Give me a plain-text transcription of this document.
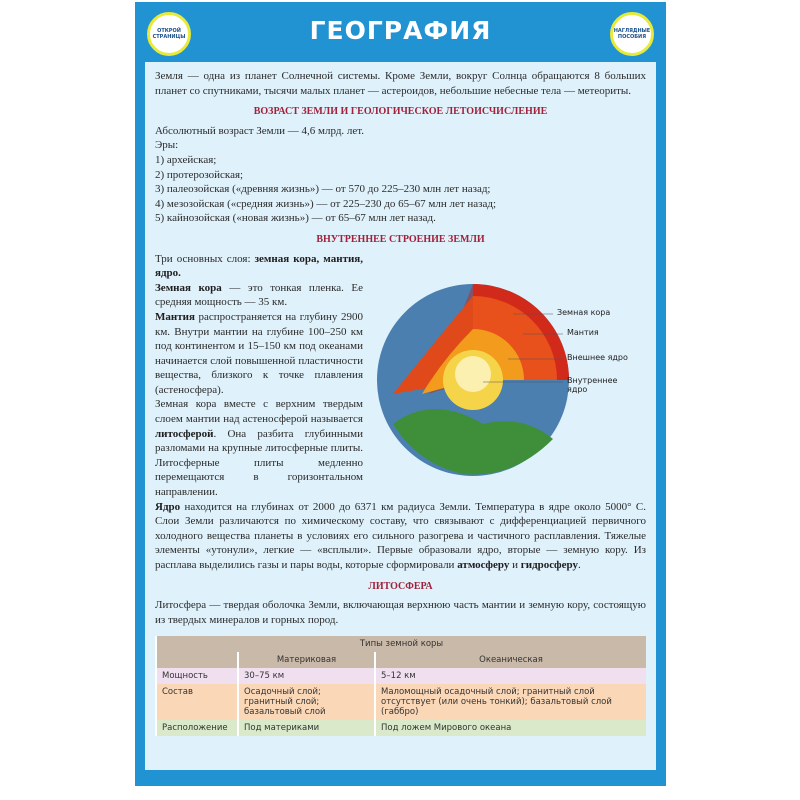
ОТКРОЙ СТРАНИЦЫ	ГЕОГРАФИЯ	НАГЛЯДНЫЕ ПОСОБИЯ

Земля — одна из планет Солнечной системы. Кроме Земли, вокруг Солнца обращаются 8 больших планет со спутниками, тысячи малых планет — астероидов, небольшие небесные тела — метеориты.

ВОЗРАСТ ЗЕМЛИ И ГЕОЛОГИЧЕСКОЕ ЛЕТОИСЧИСЛЕНИЕ
Абсолютный возраст Земли — 4,6 млрд. лет.
Эры:
1) архейская;
2) протерозойская;
3) палеозойская («древняя жизнь») — от 570 до 225–230 млн лет назад;
4) мезозойская («средняя жизнь») — от 225–230 до 65–67 млн лет назад;
5) кайнозойская («новая жизнь») — от 65–67 млн лет назад.
ВНУТРЕННЕЕ СТРОЕНИЕ ЗЕМЛИ

Три основных слоя: земная кора, мантия, ядро.

Земная кора — это тонкая пленка. Ее средняя мощность — 35 км.

Мантия распространяется на глубину 2900 км. Внутри мантии на глубине 100–250 км под континентом и 15–150 км под океанами начинается слой повышенной пластичности вещества, близкого к точке плавления (астеносфера).

Земная кора вместе с верхним твердым слоем мантии над астеносферой называется литосферой. Она разбита глубинными разломами на крупные литосферные плиты. Литосферные плиты медленно перемещаются в горизонтальном направлении.

Ядро находится на глубинах от 2000 до 6371 км радиуса Земли. Температура в ядре около 5000° С. Слои Земли различаются по химическому составу, что связывают с дифференциацией первичного холодного вещества планеты в условиях его сильного разогрева и частичного расплавления. Тяжелые элементы «утонули», легкие — «всплыли». Первые образовали ядро, вторые — земную кору. Из расплава выделились газы и пары воды, которые сформировали атмосферу и гидросферу.

Земная кора
Мантия
Внешнее ядро
Внутреннее ядро
ЛИТОСФЕРА

Литосфера — твердая оболочка Земли, включающая верхнюю часть мантии и земную кору, состоящую из твердых минералов и горных пород.

Типы земной коры		
	Материковая	Океаническая
Мощность	30–75 км	5–12 км
Состав	Осадочный слой; гранитный слой; базальтовый слой	Маломощный осадочный слой; гранитный слой отсутствует (или очень тонкий); базальтовый слой (габбро)
Расположение	Под материками	Под ложем Мирового океана
